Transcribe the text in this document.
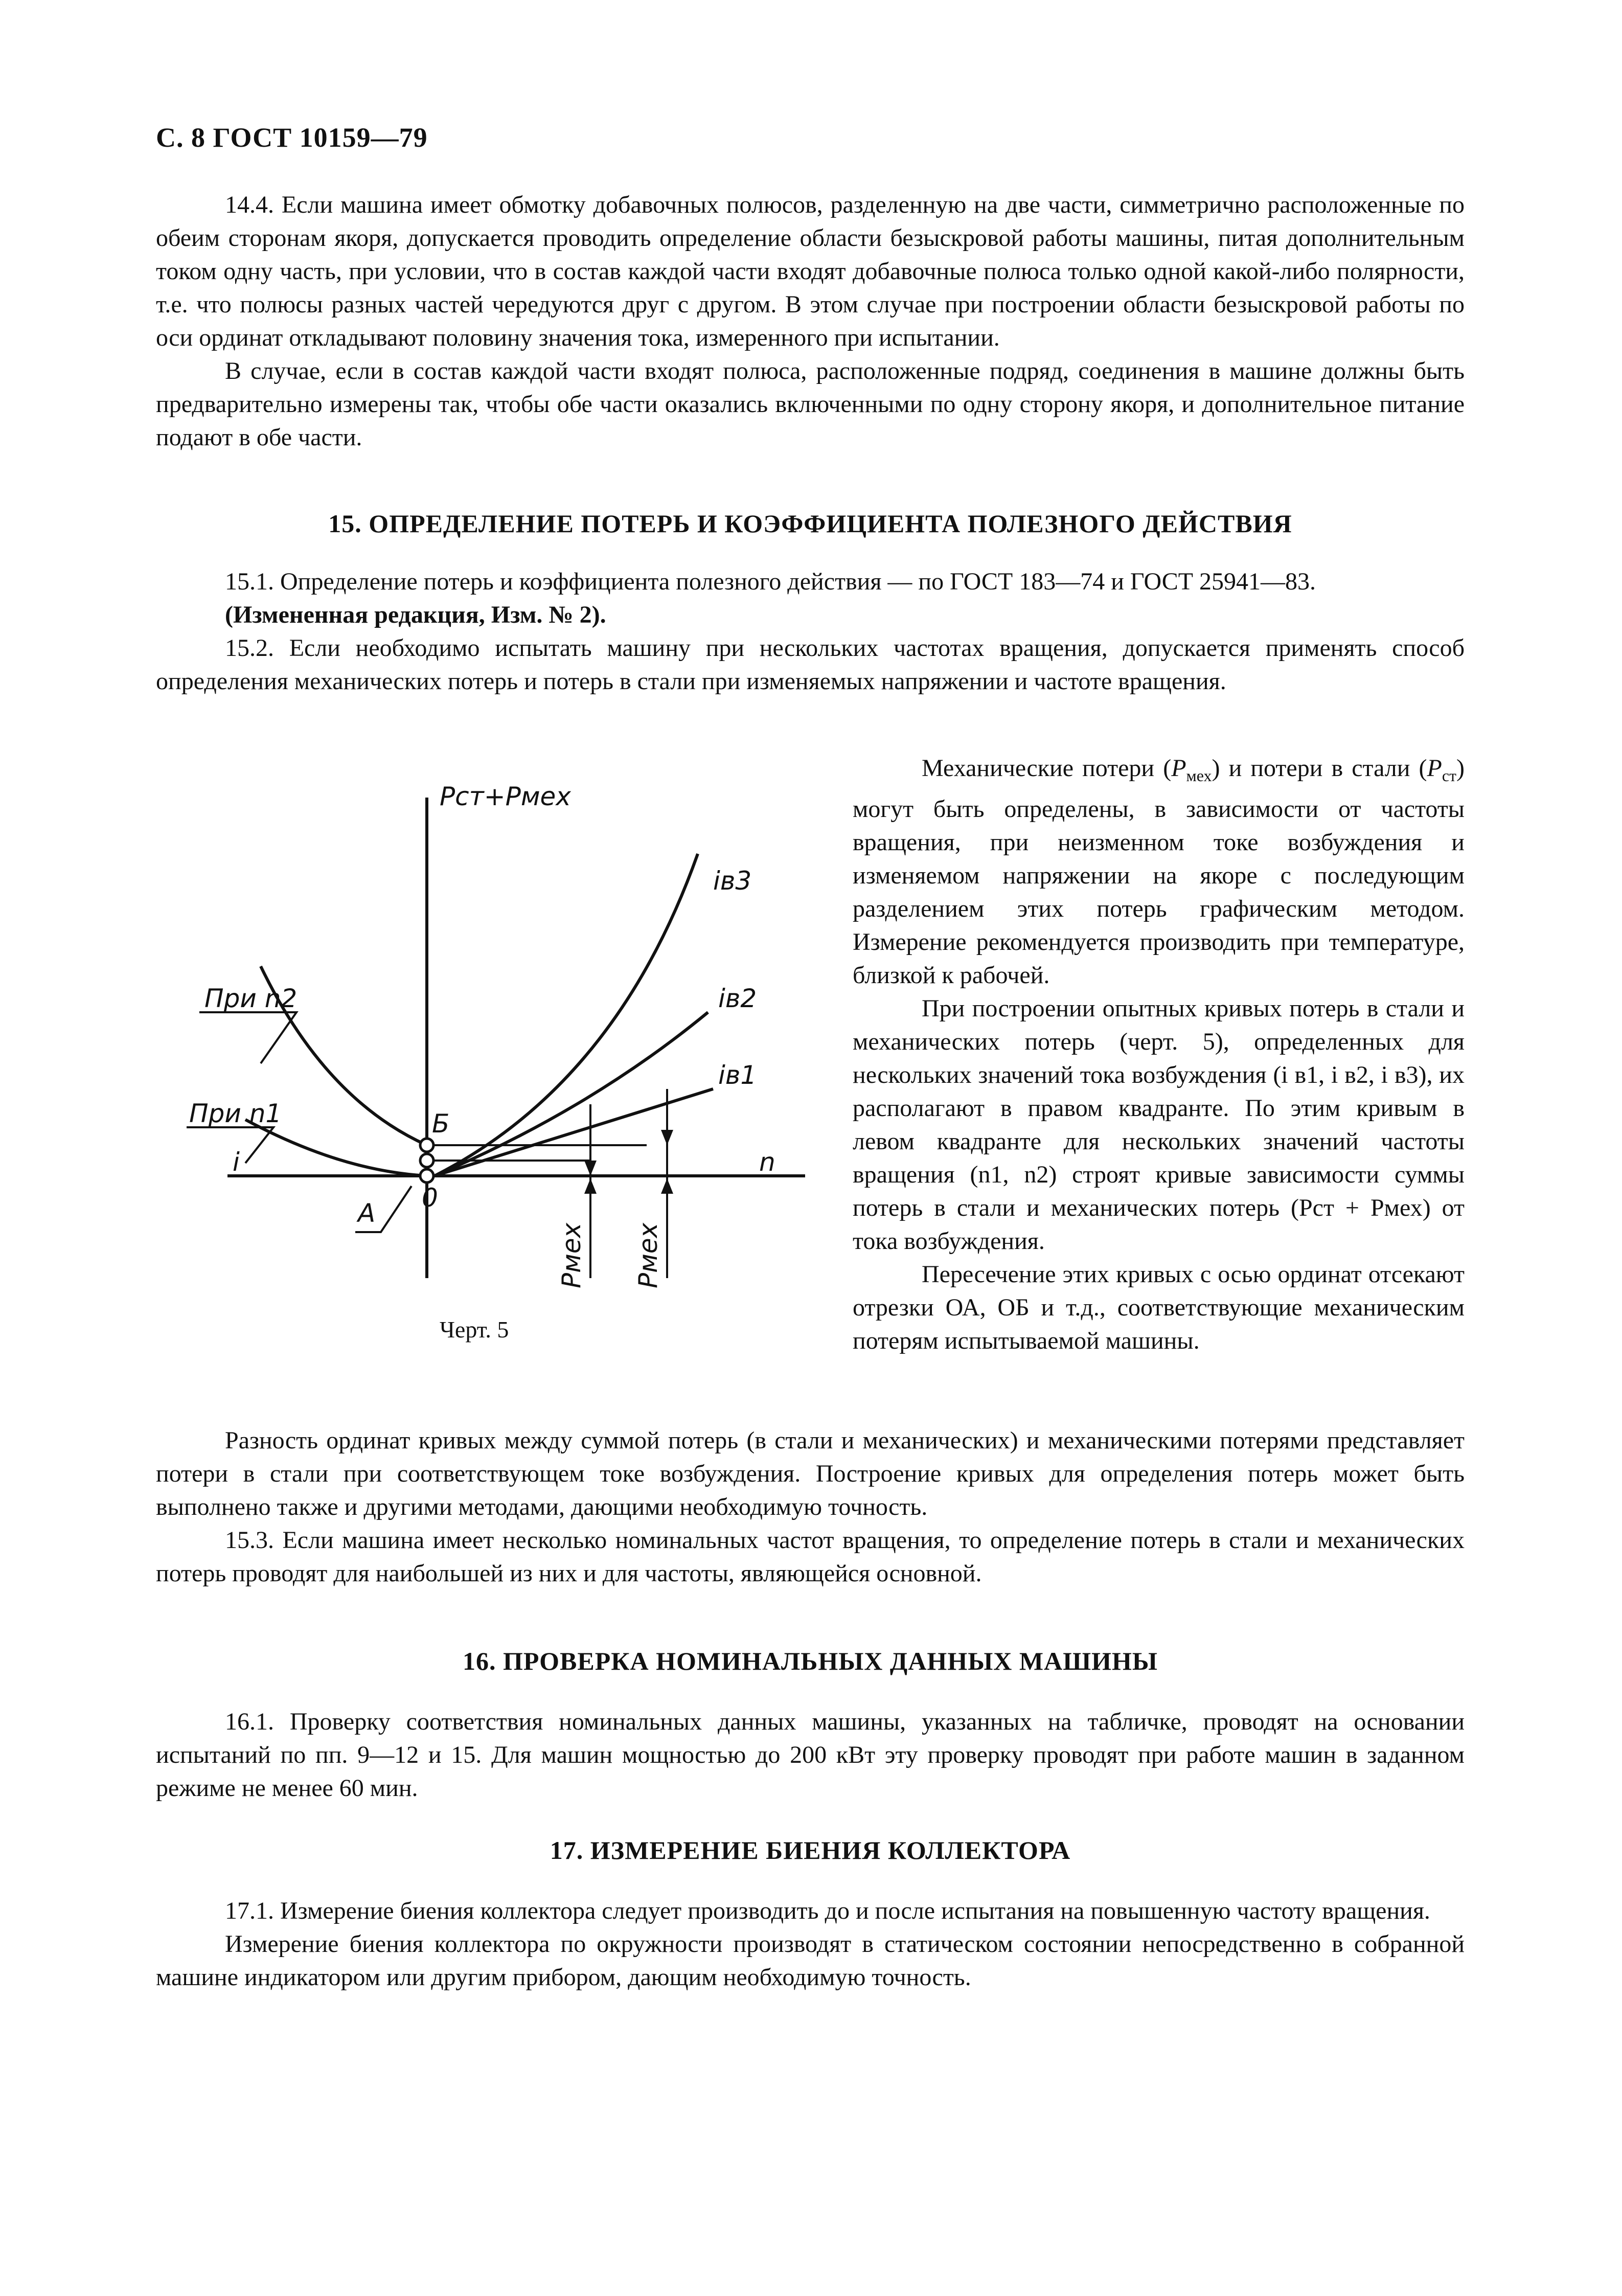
С. 8 ГОСТ 10159—79

14.4. Если машина имеет обмотку добавочных полюсов, разделенную на две части, симметрично расположенные по обеим сторонам якоря, допускается проводить определение области безыскровой работы машины, питая дополнительным током одну часть, при условии, что в состав каждой части входят добавочные полюса только одной какой-либо полярности, т.е. что полюсы разных частей чередуются друг с другом. В этом случае при построении области безыскровой работы по оси ординат откладывают половину значения тока, измеренного при испытании.

В случае, если в состав каждой части входят полюса, расположенные подряд, соединения в машине должны быть предварительно измерены так, чтобы обе части оказались включенными по одну сторону якоря, и дополнительное питание подают в обе части.

15. ОПРЕДЕЛЕНИЕ ПОТЕРЬ И КОЭФФИЦИЕНТА ПОЛЕЗНОГО ДЕЙСТВИЯ

15.1. Определение потерь и коэффициента полезного действия — по ГОСТ 183—74 и ГОСТ 25941—83.

(Измененная редакция, Изм. № 2).

15.2. Если необходимо испытать машину при нескольких частотах вращения, допускается применять способ определения механических потерь и потерь в стали при изменяемых напряжении и частоте вращения.

Pст+Pмех
iв3
iв2
iв1
При n2
При n1
i	n
Б
А
0
Pмех Pмех
Черт. 5

Механические потери $(P_{мех})$ и потери в стали $(P_{ст})$ могут быть определены, в зависимости от частоты вращения, при неизменном токе возбуждения и изменяемом напряжении на якоре с последующим разделением этих потерь графическим методом. Измерение рекомендуется производить при температуре, близкой к рабочей.

При построении опытных кривых потерь в стали и механических потерь (черт. 5), определенных для нескольких значений тока возбуждения (i в1, i в2, i в3), их располагают в правом квадранте. По этим кривым в левом квадранте для нескольких значений частоты вращения (n1, n2) строят кривые зависимости суммы потерь в стали и механических потерь (Pст + Pмех) от тока возбуждения.

Пересечение этих кривых с осью ординат отсекают отрезки ОА, ОБ и т.д., соответствующие механическим потерям испытываемой машины.

Разность ординат кривых между суммой потерь (в стали и механических) и механическими потерями представляет потери в стали при соответствующем токе возбуждения. Построение кривых для определения потерь может быть выполнено также и другими методами, дающими необходимую точность.

15.3. Если машина имеет несколько номинальных частот вращения, то определение потерь в стали и механических потерь проводят для наибольшей из них и для частоты, являющейся основной.

16. ПРОВЕРКА НОМИНАЛЬНЫХ ДАННЫХ МАШИНЫ

16.1. Проверку соответствия номинальных данных машины, указанных на табличке, проводят на основании испытаний по пп. 9—12 и 15. Для машин мощностью до 200 кВт эту проверку проводят при работе машин в заданном режиме не менее 60 мин.

17. ИЗМЕРЕНИЕ БИЕНИЯ КОЛЛЕКТОРА

17.1. Измерение биения коллектора следует производить до и после испытания на повышенную частоту вращения.

Измерение биения коллектора по окружности производят в статическом состоянии непосредственно в собранной машине индикатором или другим прибором, дающим необходимую точность.
